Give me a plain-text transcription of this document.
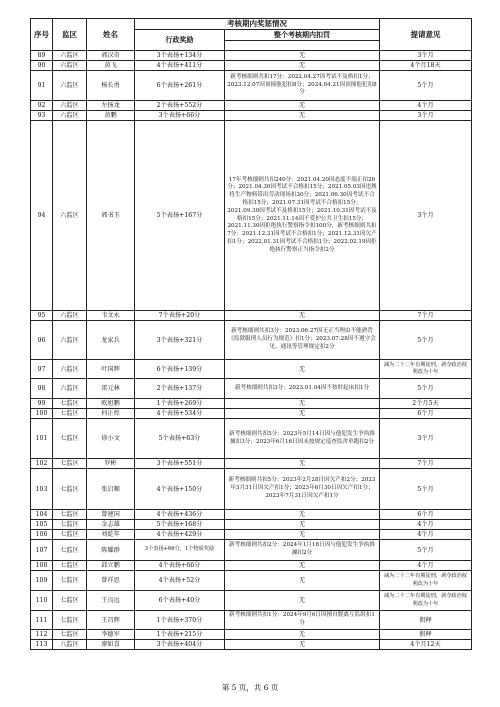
序号	监区	姓名	考核期内奖惩情况		提请意见
			行政奖励	整个考核期内扣罚	

89	六监区	郭汉奇	3个表扬+134分	无	3个月
90	六监区	黄飞	4个表扬+411分	无	4个月18天
91	六监区	杨长勇	6个表扬+261分	新考核细则共扣17分：2022.04.27因考试不及格扣1分；2023.12.07因顶撞他犯扣8分；2024.04.21因顶撞他犯扣8分	5个月
92	六监区	左扬龙	2个表扬+552分	无	4个月
93	六监区	黄鹏	3个表扬+66分	无	3个月
94	六监区	郭书玉	5个表扬+167分	17年考核细则共扣240分：2021.04.20因态度不端正扣20分；2021.04.30因考试不合格扣15分；2021.05.03因违规将生产物料带出劳动现场扣30分；2021.06.30因考试不合格扣15分；2021.07.31因考试不合格扣15分；2021.09.30因考试不及格扣15分；2021.10.31因考试不及格扣15分；2021.11.14因不爱护公共卫生扣15分；2021.11.30因拒绝执行警察指令扣100分，新考核细则共扣7分：2021.12.31因考试不合格扣1分；2021.12.31因欠产扣1分；2022.01.31因考试不合格扣1分；2022.02.19因拒绝执行警察正当指令扣2分	3个月
95	六监区	韦文永	7个表扬+20分	无	7个月
96	六监区	龙家兵	3个表扬+321分	新考核细则共扣3分：2023.06.27因无正当理由不能熟背《监狱服刑人员行为规范》扣1分；2023.07.28因不遵守会见、通讯等管理规定扣2分	5个月
97	六监区	叶国辉	6个表扬+139分	无	减为二十二年有期徒刑，剥夺政治权利改为十年
98	六监区	雷元林	2个表扬+137分	新考核细则共扣3分：2023.01.04因不按时起床扣1分	5个月
99	七监区	欧旭鹏	1个表扬+269分	无	2个月5天
100	七监区	何正煌	4个表扬+534分	无	6个月
101	七监区	徐小文	5个表扬+63分	新考核细则共扣5分：2023年5月14日因与他犯发生争执推搡扣3分；2023年6月16日因未按规定巡查监舍单跑扣2分	3个月
102	七监区	罗彬	3个表扬+551分	无	7个月
103	七监区	张启顺	4个表扬+150分	新考核细则共扣5分：2023年2月28日因欠产扣2分；2023年3月31日因欠产扣1分；2023年6月30日因欠产扣1分；2023年7月31日因欠产扣1分	5个月
104	七监区	曾建国	4个表扬+436分	无	6个月
105	七监区	金志雄	5个表扬+168分	无	4个月
106	七监区	刘乾年	4个表扬+429分	无	4个月
107	七监区	陈耀群	3个表扬+66分，1个物质奖励	新考核细则共扣2分：2024年1月18日因与他犯发生争执推搡扣2分	5个月
108	七监区	邱立鹏	4个表扬+66分	无	4个月
109	七监区	曾祥思	4个表扬+52分	无	减为二十二年有期徒刑，剥夺政治权利改为十年
110	七监区	王良远	6个表扬+40分	无	减为二十二年有期徒刑，剥夺政治权利改为十年
111	七监区	王昌辉	1个表扬+370分	新考核细则共扣1分：2024年9月6日因擅自脱离互监组扣1分	假释
112	七监区	李德军	1个表扬+215分	无	假释
113	八监区	廖如喜	3个表扬+404分	无	4个月12天
第 5 页，共 6 页
